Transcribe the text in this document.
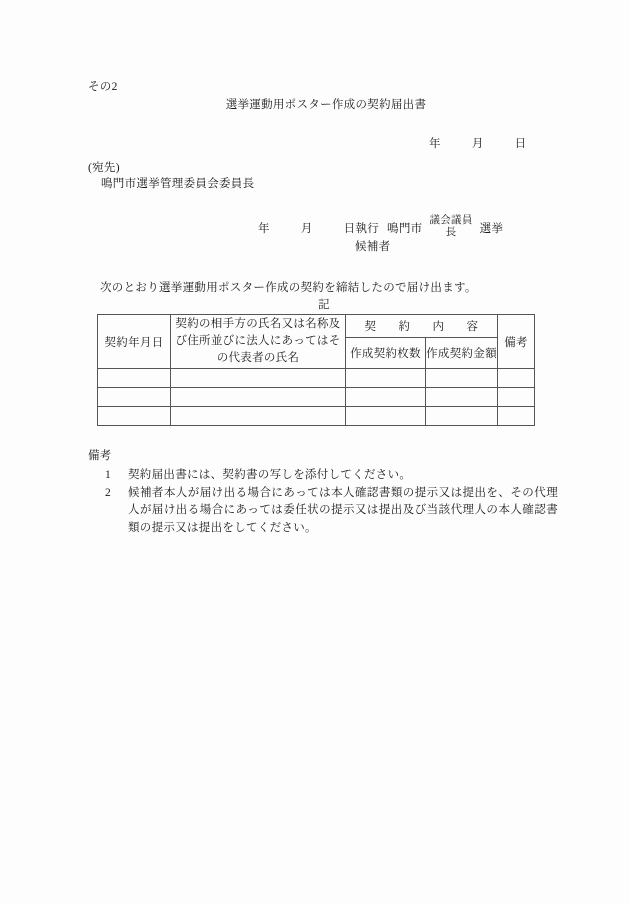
その2
選挙運動用ポスター作成の契約届出書
年	月	日
(宛先)
鳴門市選挙管理委員会委員長
年	月	日執行 鳴門市
議会議員
長 選挙
候補者
次のとおり選挙運動用ポスター作成の契約を締結したので届け出ます。
記
契約年月日	契約の相手方の氏名又は名称及び住所並びに法人にあってはその代表者の氏名	契　約　内　容		備考
		作成契約枚数	作成契約金額	

備考
1	契約届出書には、契約書の写しを添付してください。
2	候補者本人が届け出る場合にあっては本人確認書類の提示又は提出を、その代理人が届け出る場合にあっては委任状の提示又は提出及び当該代理人の本人確認書類の提示又は提出をしてください。
